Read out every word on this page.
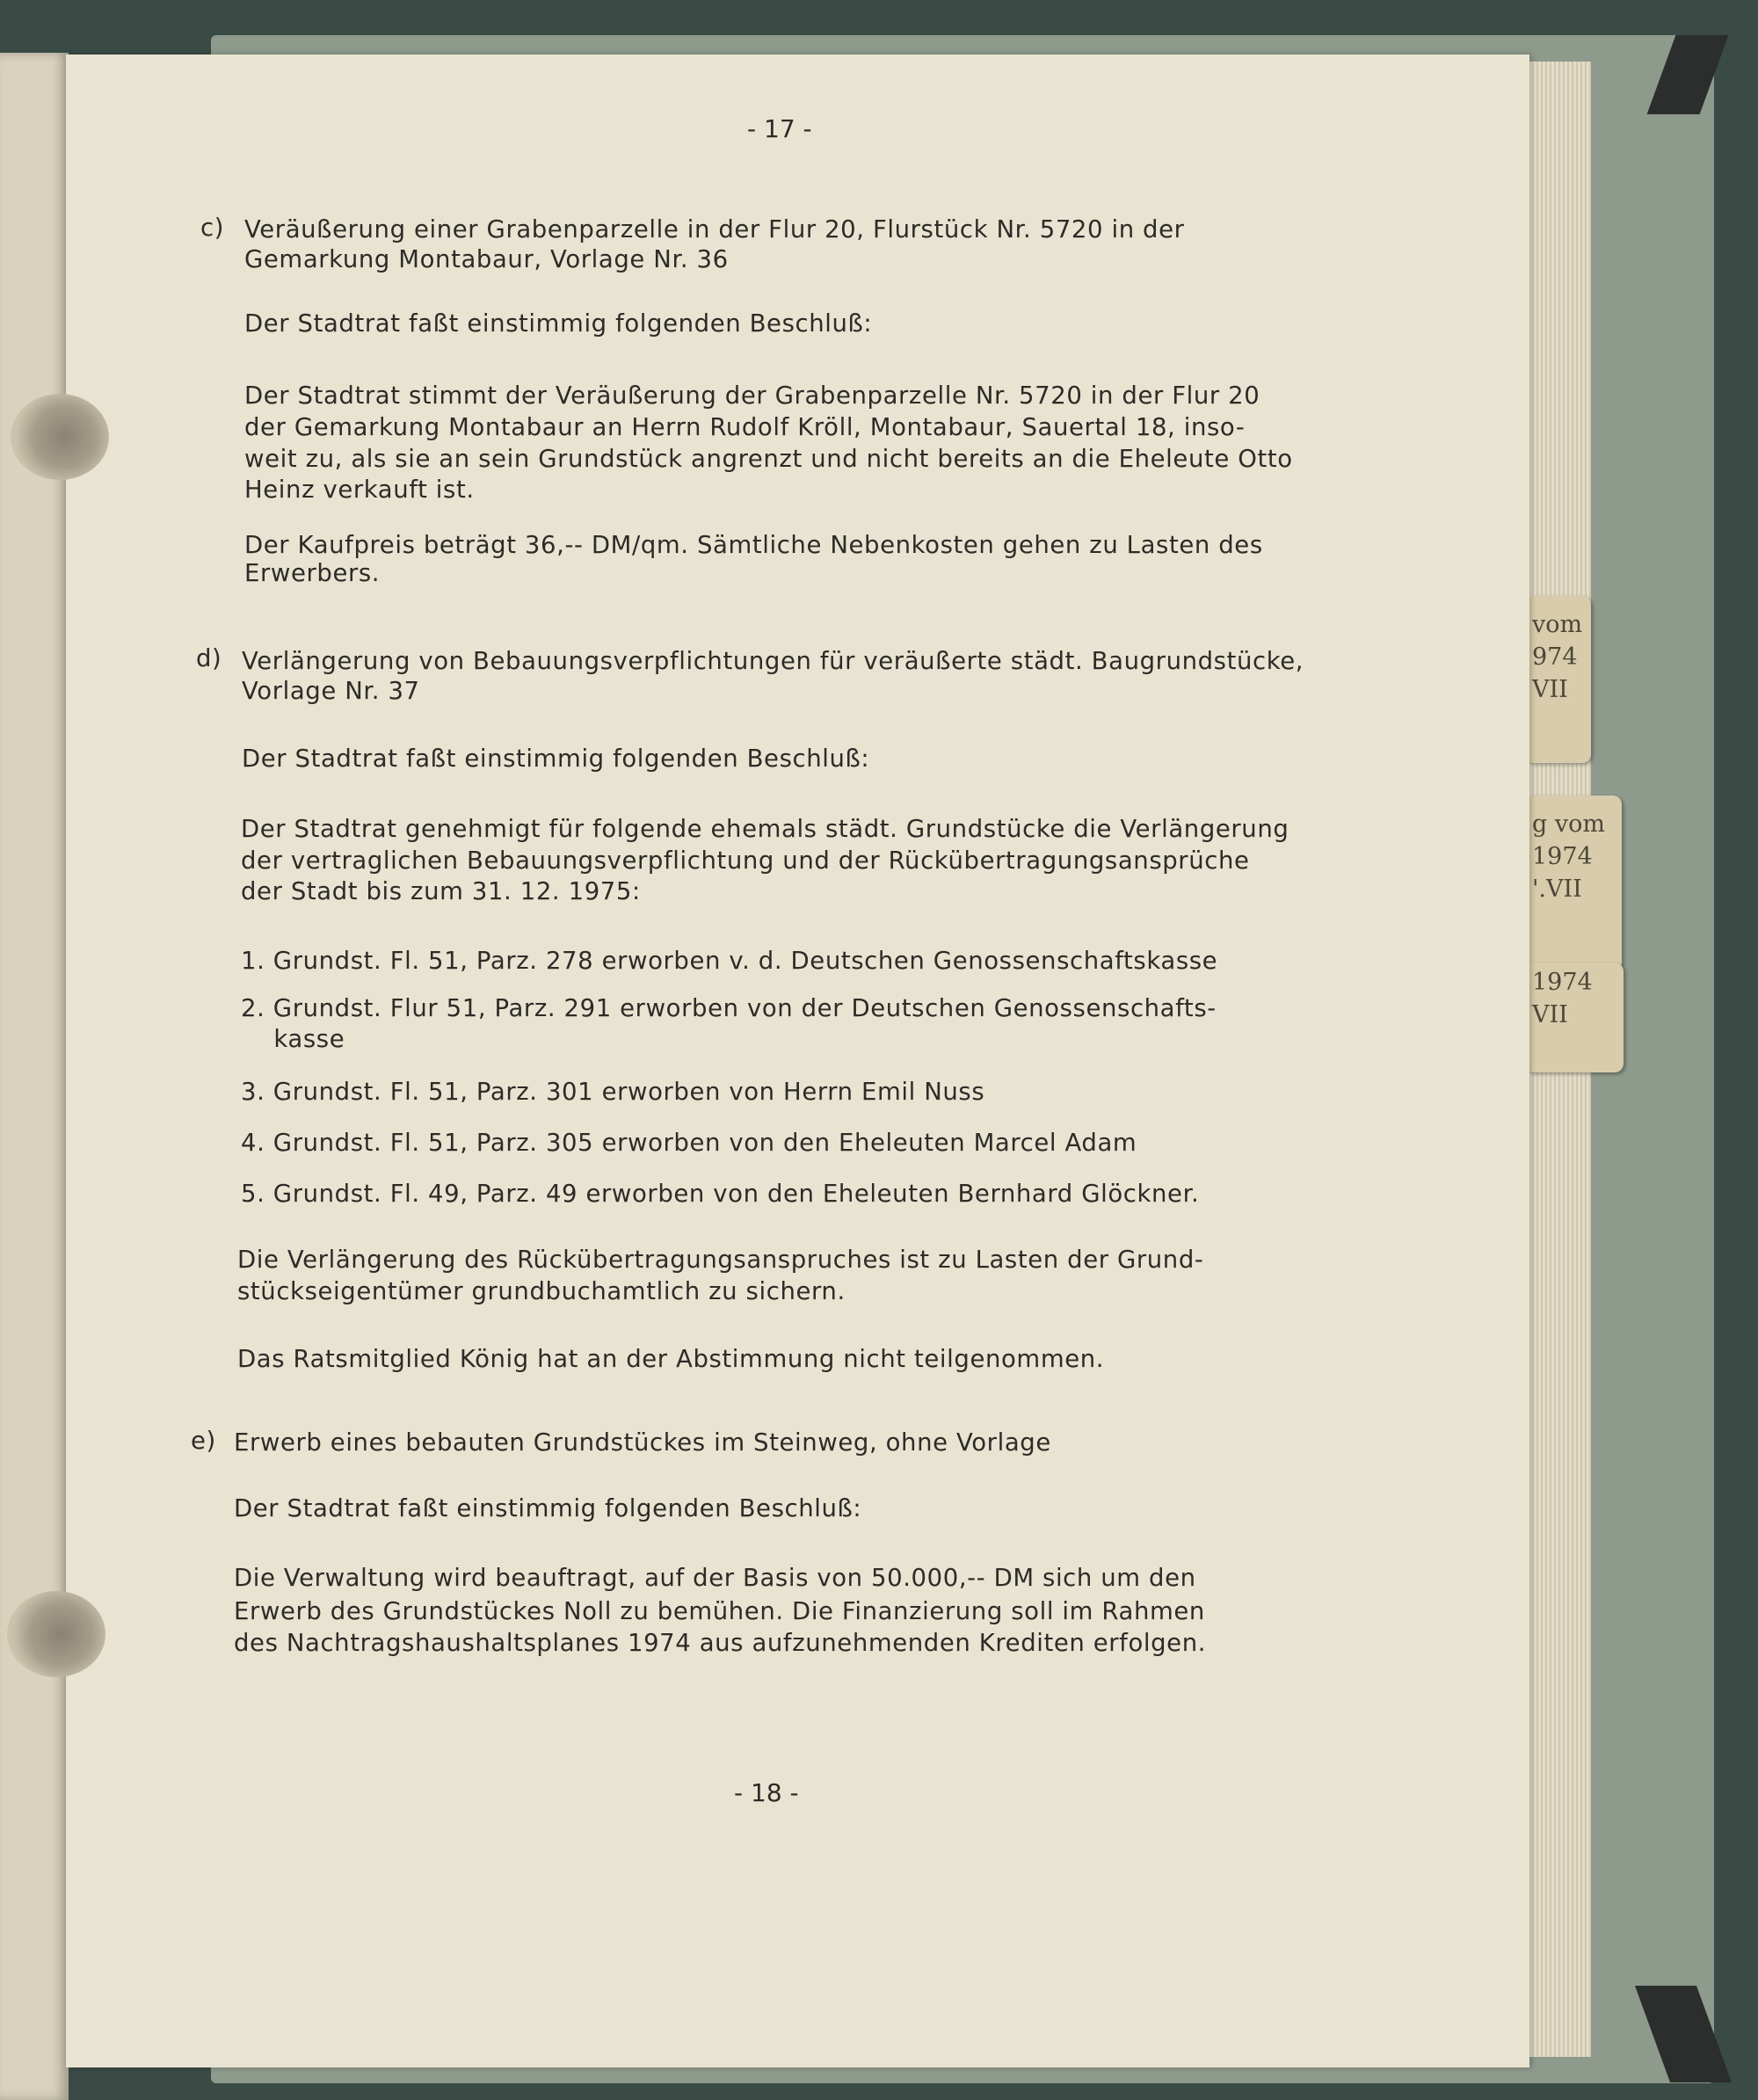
vom
974
VII
g vom
1974
'.VII
1974
VII
- 17 -
c) Veräußerung einer Grabenparzelle in der Flur 20, Flurstück Nr. 5720 in der
Gemarkung Montabaur, Vorlage Nr. 36
Der Stadtrat faßt einstimmig folgenden Beschluß:
Der Stadtrat stimmt der Veräußerung der Grabenparzelle Nr. 5720 in der Flur 20
der Gemarkung Montabaur an Herrn Rudolf Kröll, Montabaur, Sauertal 18, inso-
weit zu, als sie an sein Grundstück angrenzt und nicht bereits an die Eheleute Otto
Heinz verkauft ist.
Der Kaufpreis beträgt 36,-- DM/qm. Sämtliche Nebenkosten gehen zu Lasten des
Erwerbers.
d) Verlängerung von Bebauungsverpflichtungen für veräußerte städt. Baugrundstücke,
Vorlage Nr. 37
Der Stadtrat faßt einstimmig folgenden Beschluß:
Der Stadtrat genehmigt für folgende ehemals städt. Grundstücke die Verlängerung
der vertraglichen Bebauungsverpflichtung und der Rückübertragungsansprüche
der Stadt bis zum 31. 12. 1975:
1. Grundst. Fl. 51, Parz. 278 erworben v. d. Deutschen Genossenschaftskasse
2. Grundst. Flur 51, Parz. 291 erworben von der Deutschen Genossenschafts-
kasse
3. Grundst. Fl. 51, Parz. 301 erworben von Herrn Emil Nuss
4. Grundst. Fl. 51, Parz. 305 erworben von den Eheleuten Marcel Adam
5. Grundst. Fl. 49, Parz. 49 erworben von den Eheleuten Bernhard Glöckner.
Die Verlängerung des Rückübertragungsanspruches ist zu Lasten der Grund-
stückseigentümer grundbuchamtlich zu sichern.
Das Ratsmitglied König hat an der Abstimmung nicht teilgenommen.
e) Erwerb eines bebauten Grundstückes im Steinweg, ohne Vorlage
Der Stadtrat faßt einstimmig folgenden Beschluß:
Die Verwaltung wird beauftragt, auf der Basis von 50.000,-- DM sich um den
Erwerb des Grundstückes Noll zu bemühen. Die Finanzierung soll im Rahmen
des Nachtragshaushaltsplanes 1974 aus aufzunehmenden Krediten erfolgen.
- 18 -
